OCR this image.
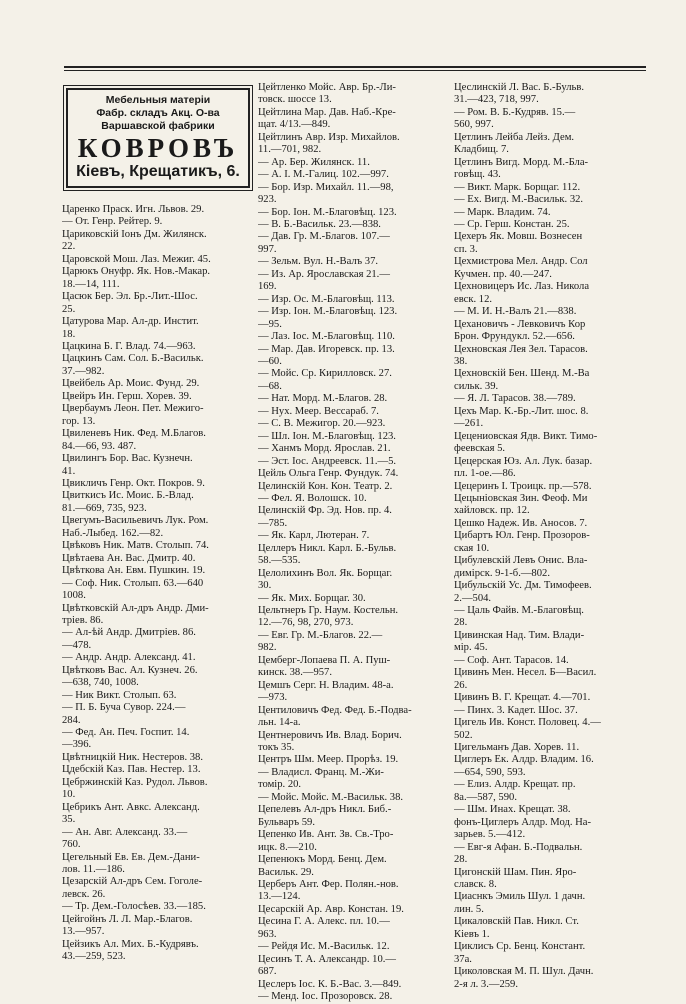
Мебельныя матеріи
Фабр. складъ Акц. О-ва
Варшавской фабрики
КОВРОВЪ
Кіевъ, Крещатикъ, 6.
Царенко Праск. Игн. Львов. 29.
— От. Генр. Рейтер. 9.
Цариковскій Іонъ Дм. Жилянск.
22.
Царовской Мош. Лаз. Межиг. 45.
Царюкъ Онуфр. Як. Нов.-Макар.
18.—14, 111.
Цасюк Бер. Эл. Бр.-Лит.-Шос.
25.
Цатурова Мар. Ал-др. Инстит.
18.
Цацкина Б. Г. Влад. 74.—963.
Цацкинъ Сам. Сол. Б.-Васильк.
37.—982.
Цвейбель Ар. Моис. Фунд. 29.
Цвейръ Ин. Герш. Хорев. 39.
Цвербаумъ Леон. Пет. Межиго-
гор. 13.
Цвиленевъ Ник. Фед. М.Благов.
84.—66, 93. 487.
Цвилингъ Бор. Вас. Кузнечн.
41.
Цвикличъ Генр. Окт. Покров. 9.
Цвиткисъ Ис. Моис. Б.-Влад.
81.—669, 735, 923.
Цвегумъ-Васильевичъ Лук. Ром.
Наб.-Лыбед. 162.—82.
Цвѣковъ Ник. Матв. Столып. 74.
Цвѣтаева Ан. Вас. Дмитр. 40.
Цвѣткова Ан. Евм. Пушкин. 19.
— Соф. Ник. Столып. 63.—640
1008.
Цвѣтковскій Ал-дръ Андр. Дми-
тріев. 86.
— Ал-ѣй Андр. Дмитріев. 86.
—478.
— Андр. Андр. Александ. 41.
Цвѣтковъ Вас. Ал. Кузнеч. 26.
—638, 740, 1008.
— Ник Викт. Столып. 63.
— П. Б. Буча Сувор. 224.—
284.
— Фед. Ан. Печ. Госпит. 14.
—396.
Цвѣтницкій Ник. Нестеров. 38.
Цдебскій Каз. Пав. Нестер. 13.
Цебржинскій Каз. Рудол. Львов.
10.
Цебрикъ Ант. Авкс. Александ.
35.
— Ан. Авг. Александ. 33.—
760.
Цегельный Ев. Ев. Дем.-Дани-
лов. 11.—186.
Цезарскій Ал-дръ Сем. Гоголе-
левск. 26.
— Тр. Дем.-Голосѣев. 33.—185.
Цейгойнъ Л. Л. Мар.-Благов.
13.—957.
Цейзикъ Ал. Мих. Б.-Кудрявъ.
43.—259, 523.
Цейтленко Мойс. Авр. Бр.-Ли-
товск. шоссе 13.
Цейтлина Мар. Дав. Наб.-Кре-
щат. 4/13.—849.
Цейтлинъ Авр. Изр. Михайлов.
11.—701, 982.
— Ар. Бер. Жилянск. 11.
— А. І. М.-Галиц. 102.—997.
— Бор. Изр. Михайл. 11.—98,
923.
— Бор. Іон. М.-Благовѣщ. 123.
— В. Б.-Васильк. 23.—838.
— Дав. Гр. М.-Благов. 107.—
997.
— Зельм. Вул. Н.-Валъ 37.
— Из. Ар. Ярославская 21.—
169.
— Изр. Ос. М.-Благовѣщ. 113.
— Изр. Іон. М.-Благовѣщ. 123.
—95.
— Лаз. Іос. М.-Благовѣщ. 110.
— Мар. Дав. Игоревск. пр. 13.
—60.
— Мойс. Ср. Кирилловск. 27.
—68.
— Нат. Морд. М.-Благов. 28.
— Нух. Меер. Вессараб. 7.
— С. В. Межигор. 20.—923.
— Шл. Іон. М.-Благовѣщ. 123.
— Ханмъ Морд. Ярослав. 21.
— Эст. Іос. Андреевск. 11.—5.
Цейль Ольга Генр. Фундук. 74.
Целинскій Кон. Кон. Театр. 2.
— Фел. Я. Волошск. 10.
Целинскій Фр. Эд. Нов. пр. 4.
—785.
— Як. Карл, Лютеран. 7.
Целлеръ Никл. Карл. Б.-Бульв.
58.—535.
Целолихинъ Вол. Як. Борщаг.
30.
— Як. Мих. Борщаг. 30.
Цельтнеръ Гр. Наум. Костельн.
12.—76, 98, 270, 973.
— Евг. Гр. М.-Благов. 22.—
982.
Цемберг-Лопаева П. А. Пуш-
кинск. 38.—957.
Цемшъ Серг. Н. Владим. 48-а.
—973.
Центиловичъ Фед. Фед. Б.-Подва-
льн. 14-а.
Центнеровичъ Ив. Влад. Борич.
токъ 35.
Центръ Шм. Меер. Прорѣз. 19.
— Владисл. Франц. М.-Жи-
томір. 20.
— Мойс. Мойс. М.-Васильк. 38.
Цепелевъ Ал-дръ Никл. Биб.-
Бульваръ 59.
Цепенко Ив. Ант. Зв. Св.-Тро-
ицк. 8.—210.
Цепенюкъ Морд. Бенц. Дем.
Васильк. 29.
Церберъ Ант. Фер. Полян.-нов.
13.—124.
Цесарскій Ар. Авр. Констан. 19.
Цесина Г. А. Алекс. пл. 10.—
963.
— Рейдя Ис. М.-Васильк. 12.
Цесинъ Т. А. Александр. 10.—
687.
Цеслеръ Іос. К. Б.-Вас. 3.—849.
— Менд. Іос. Прозоровск. 28.
Цеслинскій Л. Вас. Б.-Бульв.
31.—423, 718, 997.
— Ром. В. Б.-Кудряв. 15.—
560, 997.
Цетлинъ Лейба Лейз. Дем.
Кладбищ. 7.
Цетлинъ Вигд. Морд. М.-Бла-
говѣщ. 43.
— Викт. Марк. Борщаг. 112.
— Ех. Вигд. М.-Васильк. 32.
— Марк. Владим. 74.
— Ср. Герш. Констан. 25.
Цехеръ Як. Мовш. Вознесен
сп. 3.
Цехмистрова Мел. Андр. Сол
Кучмен. пр. 40.—247.
Цехновицеръ Ис. Лаз. Никола
евск. 12.
— М. И. Н.-Валъ 21.—838.
Цехановичъ - Левковичъ Кор
Брон. Фрундукл. 52.—656.
Цехновская Лея Зел. Тарасов.
38.
Цехновскій Бен. Шенд. М.-Ва
сильк. 39.
— Я. Л. Тарасов. 38.—789.
Цехъ Мар. К.-Бр.-Лит. шос. 8.
—261.
Цецениовская Ядв. Викт. Тимо-
феевская 5.
Цецерская Юз. Ал. Лук. базар.
пл. 1-ое.—86.
Цецеринъ І. Троицк. пр.—578.
Цецынiовская Зин. Феоф. Ми
хайловск. пр. 12.
Цешко Надеж. Ив. Аносов. 7.
Цибартъ Юл. Генр. Прозоров-
ская 10.
Цибулевскій Левъ Онис. Вла-
димірск. 9-1-б.—802.
Цибульскій Ус. Дм. Тимофеев.
2.—504.
— Цаль Файв. М.-Благовѣщ.
28.
Цивинская Над. Тим. Влади-
мір. 45.
— Соф. Ант. Тарасов. 14.
Цивинъ Мен. Несел. Б—Васил.
26.
Цивинъ В. Г. Крещат. 4.—701.
— Пинх. 3. Кадет. Шос. 37.
Цигель Ив. Конст. Половец. 4.—
502.
Цигельманъ Дав. Хорев. 11.
Циглеръ Ек. Алдр. Владим. 16.
—654, 590, 593.
— Елиз. Алдр. Крещат. пр.
8а.—587, 590.
— Шм. Инах. Крещат. 38.
фонъ-Циглеръ Алдр. Мод. На-
зарьев. 5.—412.
— Евг-я Афан. Б.-Подвальн.
28.
Цигонскій Шам. Пин. Яро-
славск. 8.
Циаснкъ Эмиль Шул. 1 дачн.
лин. 5.
Цикаловскій Пав. Никл. Ст.
Кіевъ 1.
Циклисъ Ср. Бенц. Констант.
37а.
Циколовская М. П. Шул. Дачн.
2-я л. 3.—259.
